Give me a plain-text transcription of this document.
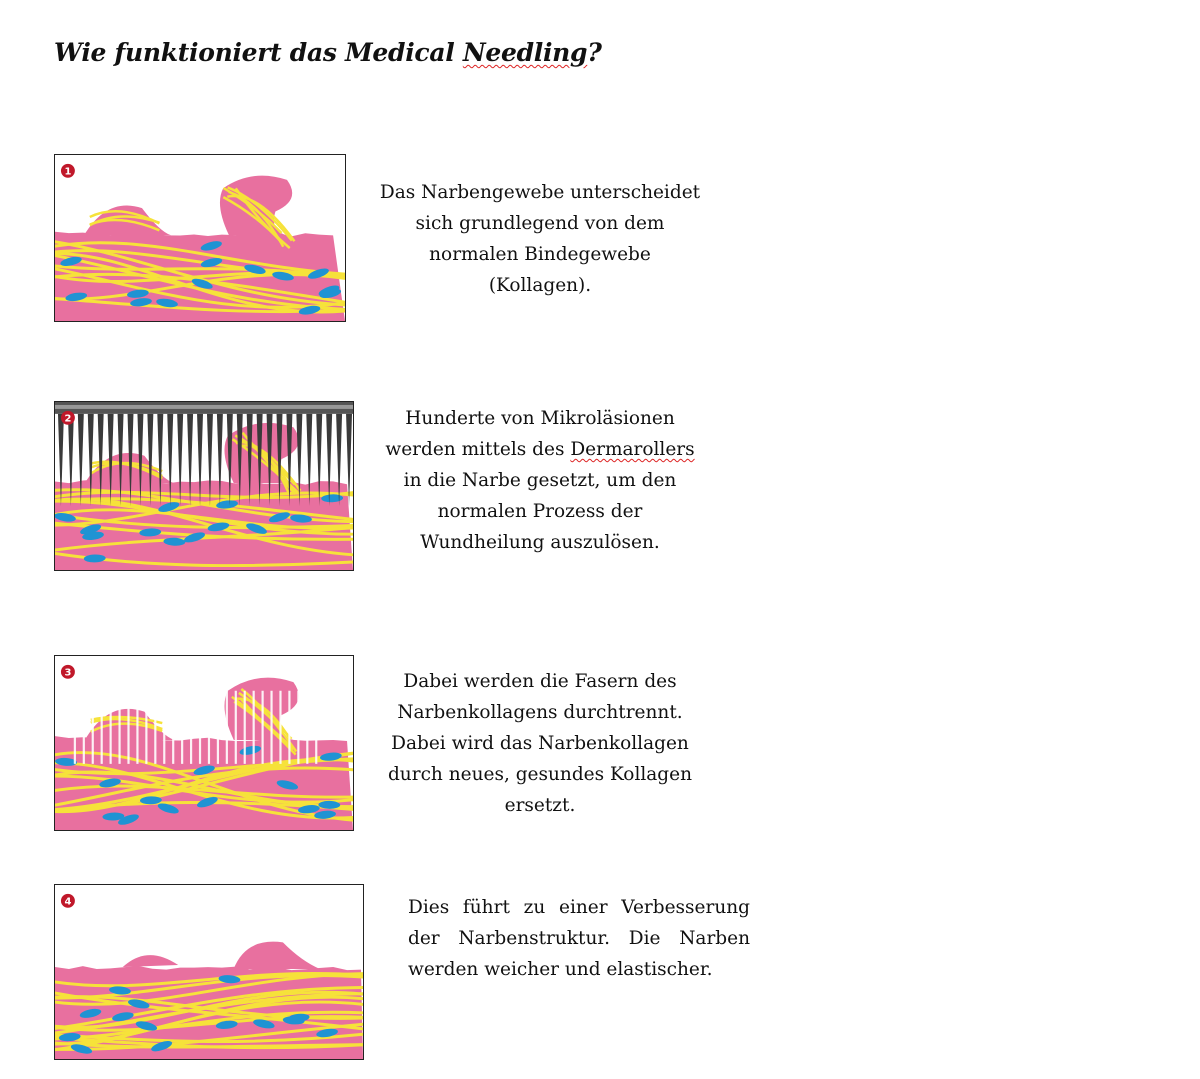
Wie funktioniert das Medical Needling?
1
Das Narbengewebe unterscheidet
sich grundlegend von dem
normalen Bindegewebe
(Kollagen).
2	Hunderte von Mikroläsionen
werden mittels des Dermarollers
in die Narbe gesetzt, um den
normalen Prozess der
Wundheilung auszulösen.
3	Dabei werden die Fasern des
Narbenkollagens durchtrennt.
Dabei wird das Narbenkollagen
durch neues, gesundes Kollagen
ersetzt.
4	Dies führt zu einer Verbesserung
der Narbenstruktur. Die Narben
werden weicher und elastischer.
